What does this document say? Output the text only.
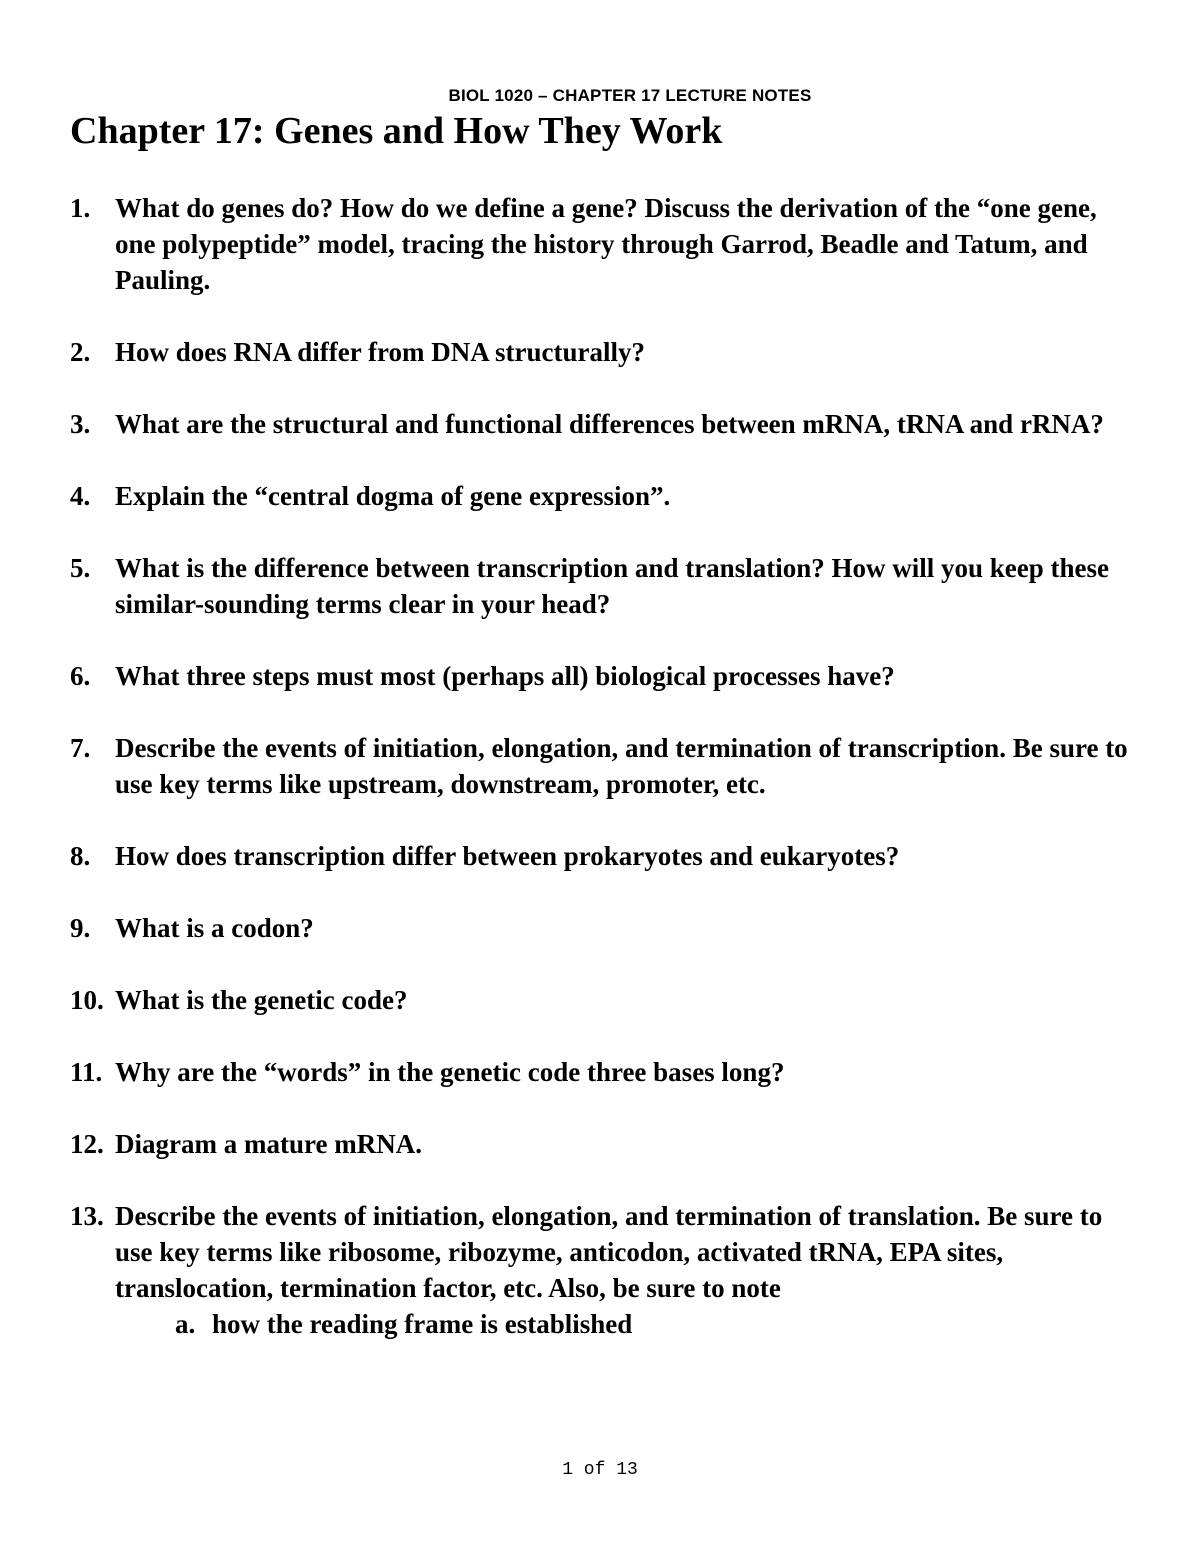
BIOL 1020 – CHAPTER 17 LECTURE NOTES
Chapter 17: Genes and How They Work
1. What do genes do? How do we define a gene? Discuss the derivation of the “one gene, one polypeptide” model, tracing the history through Garrod, Beadle and Tatum, and Pauling.
2. How does RNA differ from DNA structurally?
3. What are the structural and functional differences between mRNA, tRNA and rRNA?
4. Explain the “central dogma of gene expression”.
5. What is the difference between transcription and translation? How will you keep these similar-sounding terms clear in your head?
6. What three steps must most (perhaps all) biological processes have?
7. Describe the events of initiation, elongation, and termination of transcription. Be sure to use key terms like upstream, downstream, promoter, etc.
8. How does transcription differ between prokaryotes and eukaryotes?
9. What is a codon?
10. What is the genetic code?
11. Why are the “words” in the genetic code three bases long?
12. Diagram a mature mRNA.
13. Describe the events of initiation, elongation, and termination of translation. Be sure to use key terms like ribosome, ribozyme, anticodon, activated tRNA, EPA sites, translocation, termination factor, etc. Also, be sure to note
a. how the reading frame is established
1 of 13
